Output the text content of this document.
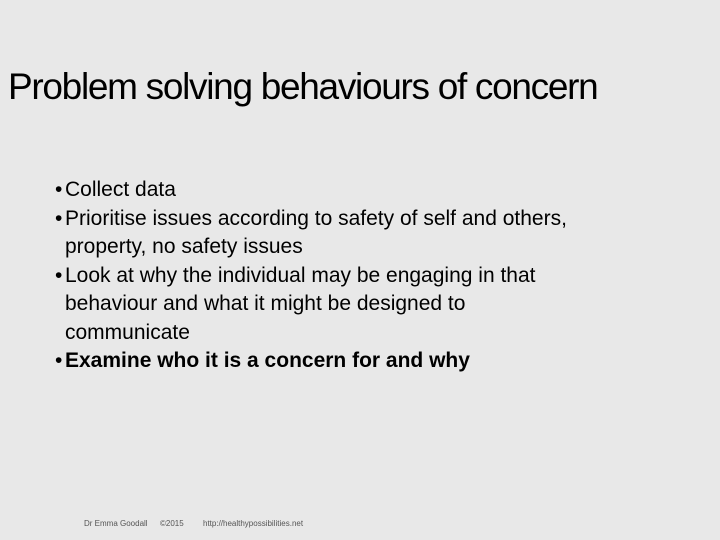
Problem solving behaviours of concern
• Collect data
• Prioritise issues according to safety of self and others,
property, no safety issues
• Look at why the individual may be engaging in that
behaviour and what it might be designed to
communicate
• Examine who it is a concern for and why
Dr Emma Goodall ©2015 http://healthypossibilities.net
